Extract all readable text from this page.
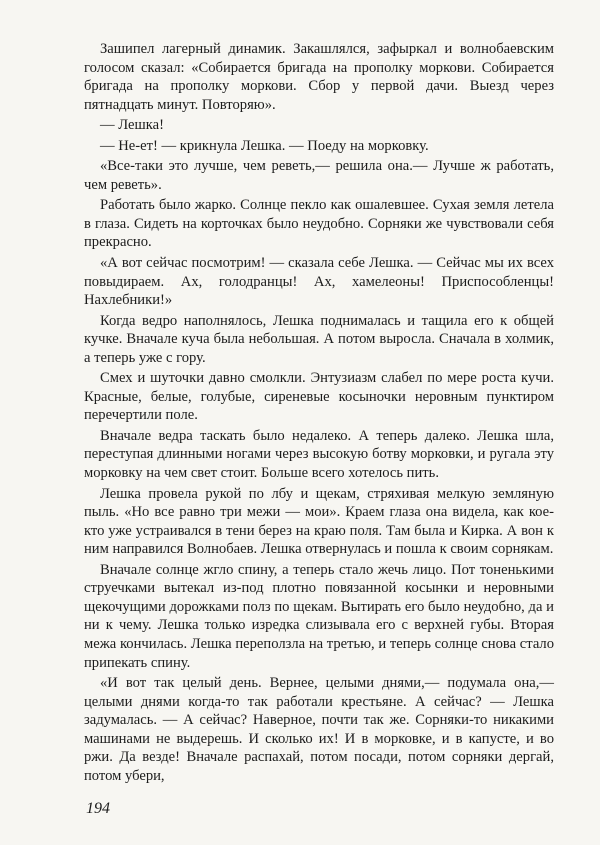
Зашипел лагерный динамик. Закашлялся, зафыркал и волнобаевским голосом сказал: «Собирается бригада на прополку моркови. Собирается бригада на прополку моркови. Сбор у первой дачи. Выезд через пятнадцать минут. Повторяю».

— Лешка!

— Не-ет! — крикнула Лешка. — Поеду на морковку.

«Все-таки это лучше, чем реветь,— решила она.— Лучше ж работать, чем реветь».

Работать было жарко. Солнце пекло как ошалевшее. Сухая земля летела в глаза. Сидеть на корточках было неудобно. Сорняки же чувствовали себя прекрасно.

«А вот сейчас посмотрим! — сказала себе Лешка. — Сейчас мы их всех повыдираем. Ах, голодранцы! Ах, хамелеоны! Приспособленцы! Нахлебники!»

Когда ведро наполнялось, Лешка поднималась и тащила его к общей кучке. Вначале куча была небольшая. А потом выросла. Сначала в холмик, а теперь уже с гору.

Смех и шуточки давно смолкли. Энтузиазм слабел по мере роста кучи. Красные, белые, голубые, сиреневые косыночки неровным пунктиром перечертили поле.

Вначале ведра таскать было недалеко. А теперь далеко. Лешка шла, переступая длинными ногами через высокую ботву морковки, и ругала эту морковку на чем свет стоит. Больше всего хотелось пить.

Лешка провела рукой по лбу и щекам, стряхивая мелкую земляную пыль. «Но все равно три межи — мои». Краем глаза она видела, как кое-кто уже устраивался в тени берез на краю поля. Там была и Кирка. А вон к ним направился Волнобаев. Лешка отвернулась и пошла к своим сорнякам.

Вначале солнце жгло спину, а теперь стало жечь лицо. Пот тоненькими струечками вытекал из-под плотно повязанной косынки и неровными щекочущими дорожками полз по щекам. Вытирать его было неудобно, да и ни к чему. Лешка только изредка слизывала его с верхней губы. Вторая межа кончилась. Лешка переползла на третью, и теперь солнце снова стало припекать спину.

«И вот так целый день. Вернее, целыми днями,— подумала она,— целыми днями когда-то так работали крестьяне. А сейчас? — Лешка задумалась. — А сейчас? Наверное, почти так же. Сорняки-то никакими машинами не выдерешь. И сколько их! И в морковке, и в капусте, и во ржи. Да везде! Вначале распахай, потом посади, потом сорняки дергай, потом убери,

194
